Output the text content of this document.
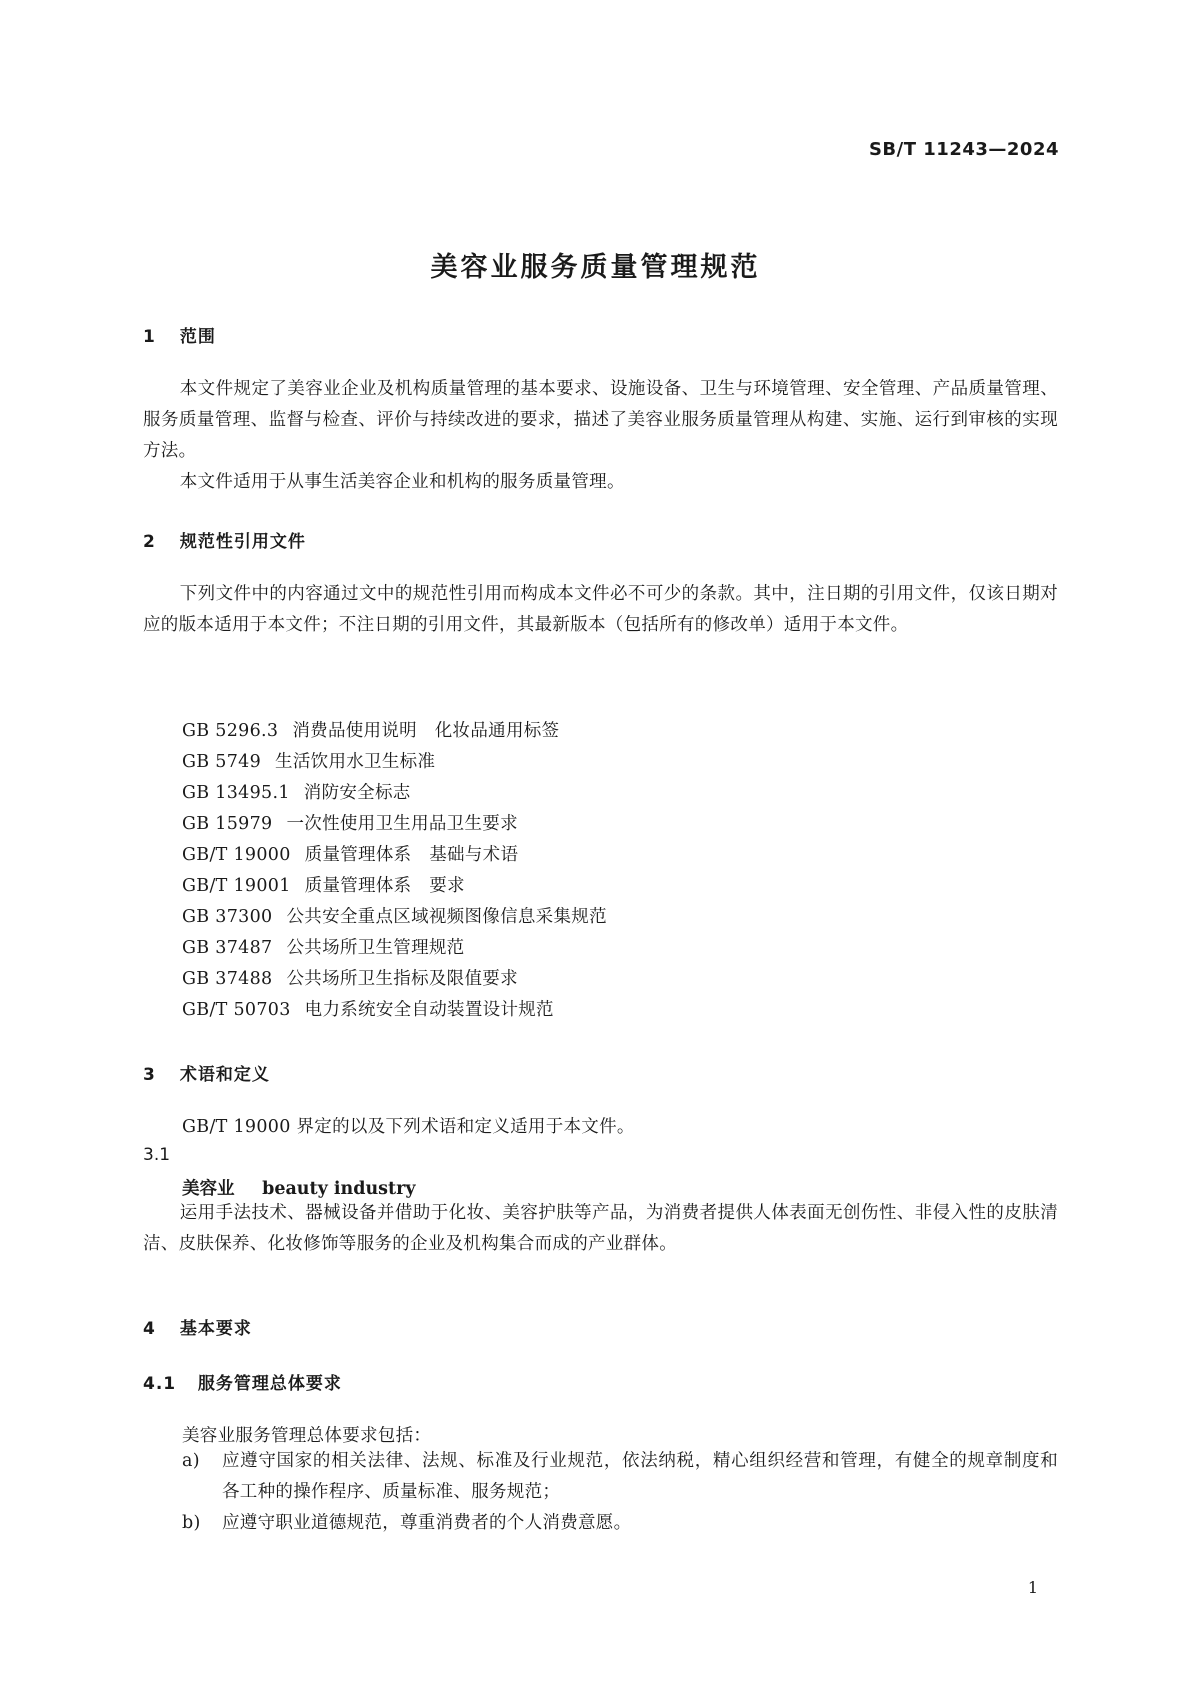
SB/T 11243—2024
美容业服务质量管理规范
1 范围
本文件规定了美容业企业及机构质量管理的基本要求、设施设备、卫生与环境管理、安全管理、产品质量管理、服务质量管理、监督与检查、评价与持续改进的要求，描述了美容业服务质量管理从构建、实施、运行到审核的实现方法。
本文件适用于从事生活美容企业和机构的服务质量管理。
2 规范性引用文件
下列文件中的内容通过文中的规范性引用而构成本文件必不可少的条款。其中，注日期的引用文件，仅该日期对应的版本适用于本文件；不注日期的引用文件，其最新版本（包括所有的修改单）适用于本文件。
GB 5296.3 消费品使用说明　化妆品通用标签
GB 5749 生活饮用水卫生标准
GB 13495.1 消防安全标志
GB 15979 一次性使用卫生用品卫生要求
GB/T 19000 质量管理体系　基础与术语
GB/T 19001 质量管理体系　要求
GB 37300 公共安全重点区域视频图像信息采集规范
GB 37487 公共场所卫生管理规范
GB 37488 公共场所卫生指标及限值要求
GB/T 50703 电力系统安全自动装置设计规范
3 术语和定义
GB/T 19000 界定的以及下列术语和定义适用于本文件。
3.1
美容业 beauty industry
运用手法技术、器械设备并借助于化妆、美容护肤等产品，为消费者提供人体表面无创伤性、非侵入性的皮肤清洁、皮肤保养、化妆修饰等服务的企业及机构集合而成的产业群体。
4 基本要求
4.1 服务管理总体要求
美容业服务管理总体要求包括：
a) 应遵守国家的相关法律、法规、标准及行业规范，依法纳税，精心组织经营和管理，有健全的规章制度和各工种的操作程序、质量标准、服务规范；
b) 应遵守职业道德规范，尊重消费者的个人消费意愿。
1
